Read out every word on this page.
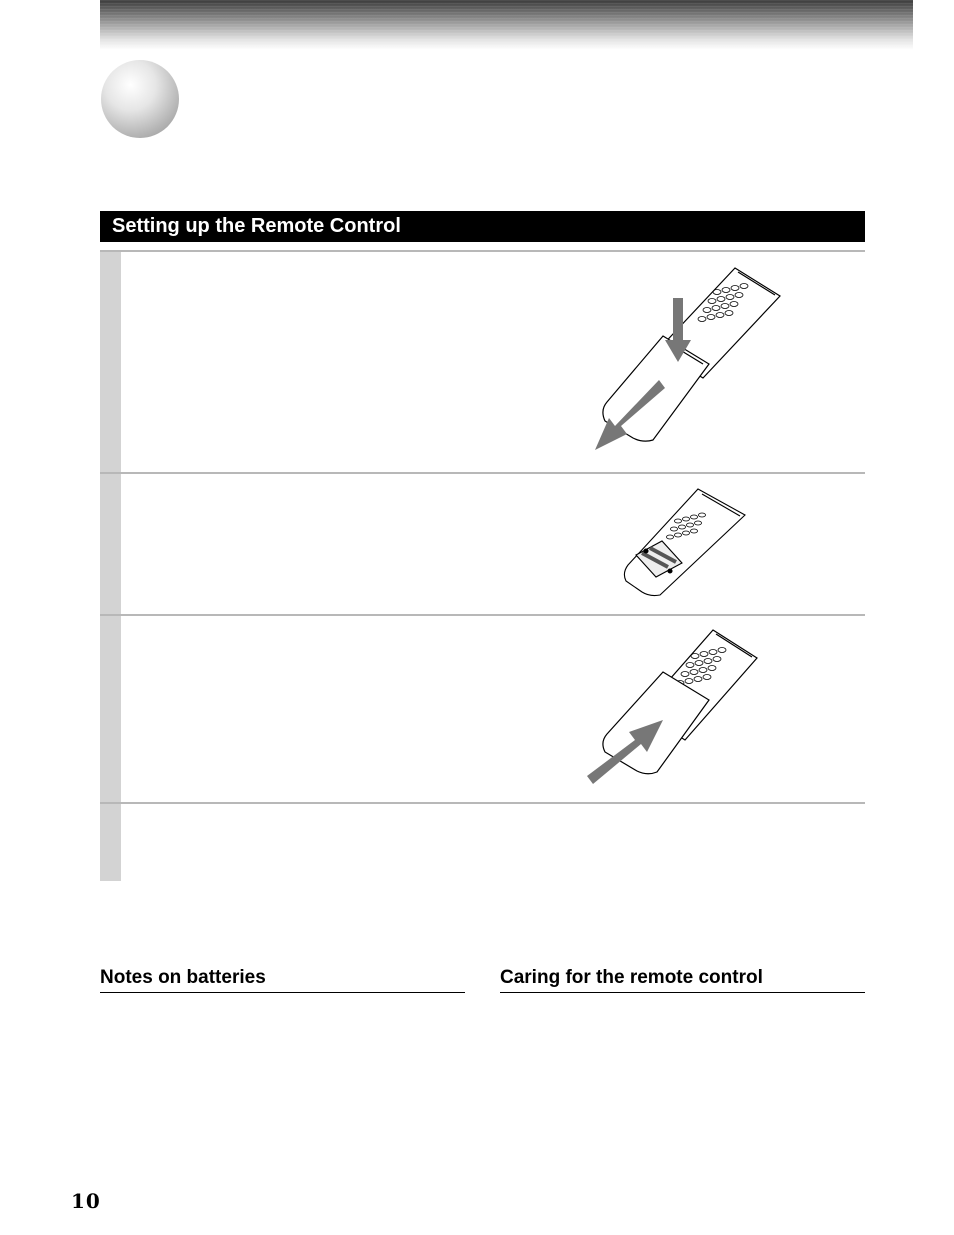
Setting up the Remote Control
Notes on batteries	Caring for the remote control
10
